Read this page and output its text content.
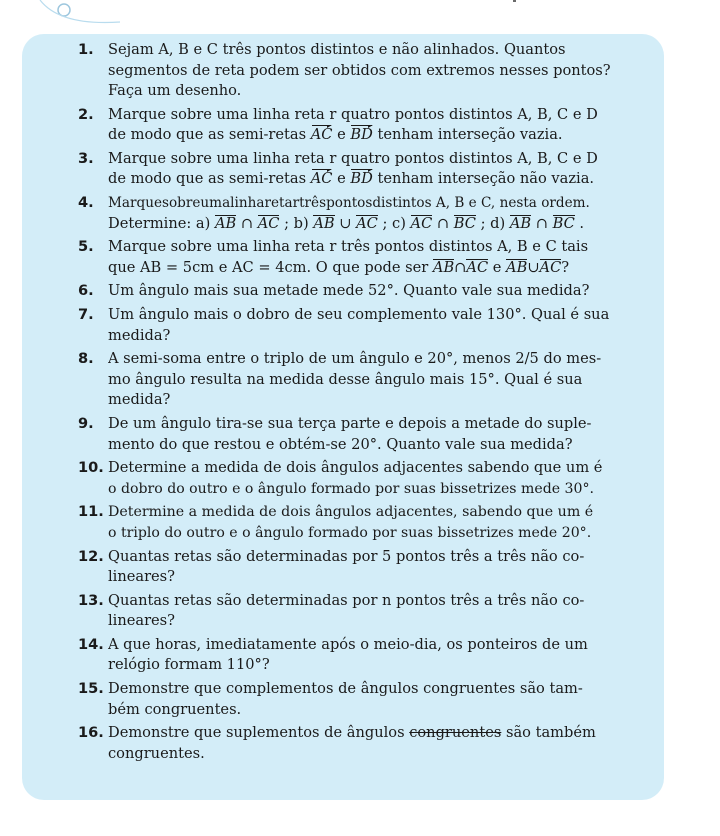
1. Sejam A, B e C três pontos distintos e não alinhados. Quantos
segmentos de reta podem ser obtidos com extremos nesses pontos?
Faça um desenho.
2. Marque sobre uma linha reta r quatro pontos distintos A, B, C e D
de modo que as semi-retas AC e BD tenham interseção vazia.
3. Marque sobre uma linha reta r quatro pontos distintos A, B, C e D
de modo que as semi-retas AC e BD tenham interseção não vazia.
4. Marquesobreumalinharetartrêspontosdistintos A, B e C, nesta ordem.
Determine: a) AB ∩ AC ; b) AB ∪ AC ; c) AC ∩ BC ; d) AB ∩ BC .
5. Marque sobre uma linha reta r três pontos distintos A, B e C tais
que AB = 5cm e AC = 4cm. O que pode ser AB∩AC e AB∪AC?
6. Um ângulo mais sua metade mede 52°. Quanto vale sua medida?
7. Um ângulo mais o dobro de seu complemento vale 130°. Qual é sua
medida?
8. A semi-soma entre o triplo de um ângulo e 20°, menos 2/5 do mes-
mo ângulo resulta na medida desse ângulo mais 15°. Qual é sua
medida?
9. De um ângulo tira-se sua terça parte e depois a metade do suple-
mento do que restou e obtém-se 20°. Quanto vale sua medida?
10. Determine a medida de dois ângulos adjacentes sabendo que um é
o dobro do outro e o ângulo formado por suas bissetrizes mede 30°.
11. Determine a medida de dois ângulos adjacentes, sabendo que um é
o triplo do outro e o ângulo formado por suas bissetrizes mede 20°.
12. Quantas retas são determinadas por 5 pontos três a três não co-
lineares?
13. Quantas retas são determinadas por n pontos três a três não co-
lineares?
14. A que horas, imediatamente após o meio-dia, os ponteiros de um
relógio formam 110°?
15. Demonstre que complementos de ângulos congruentes são tam-
bém congruentes.
16. Demonstre que suplementos de ângulos congruentes são também
congruentes.
